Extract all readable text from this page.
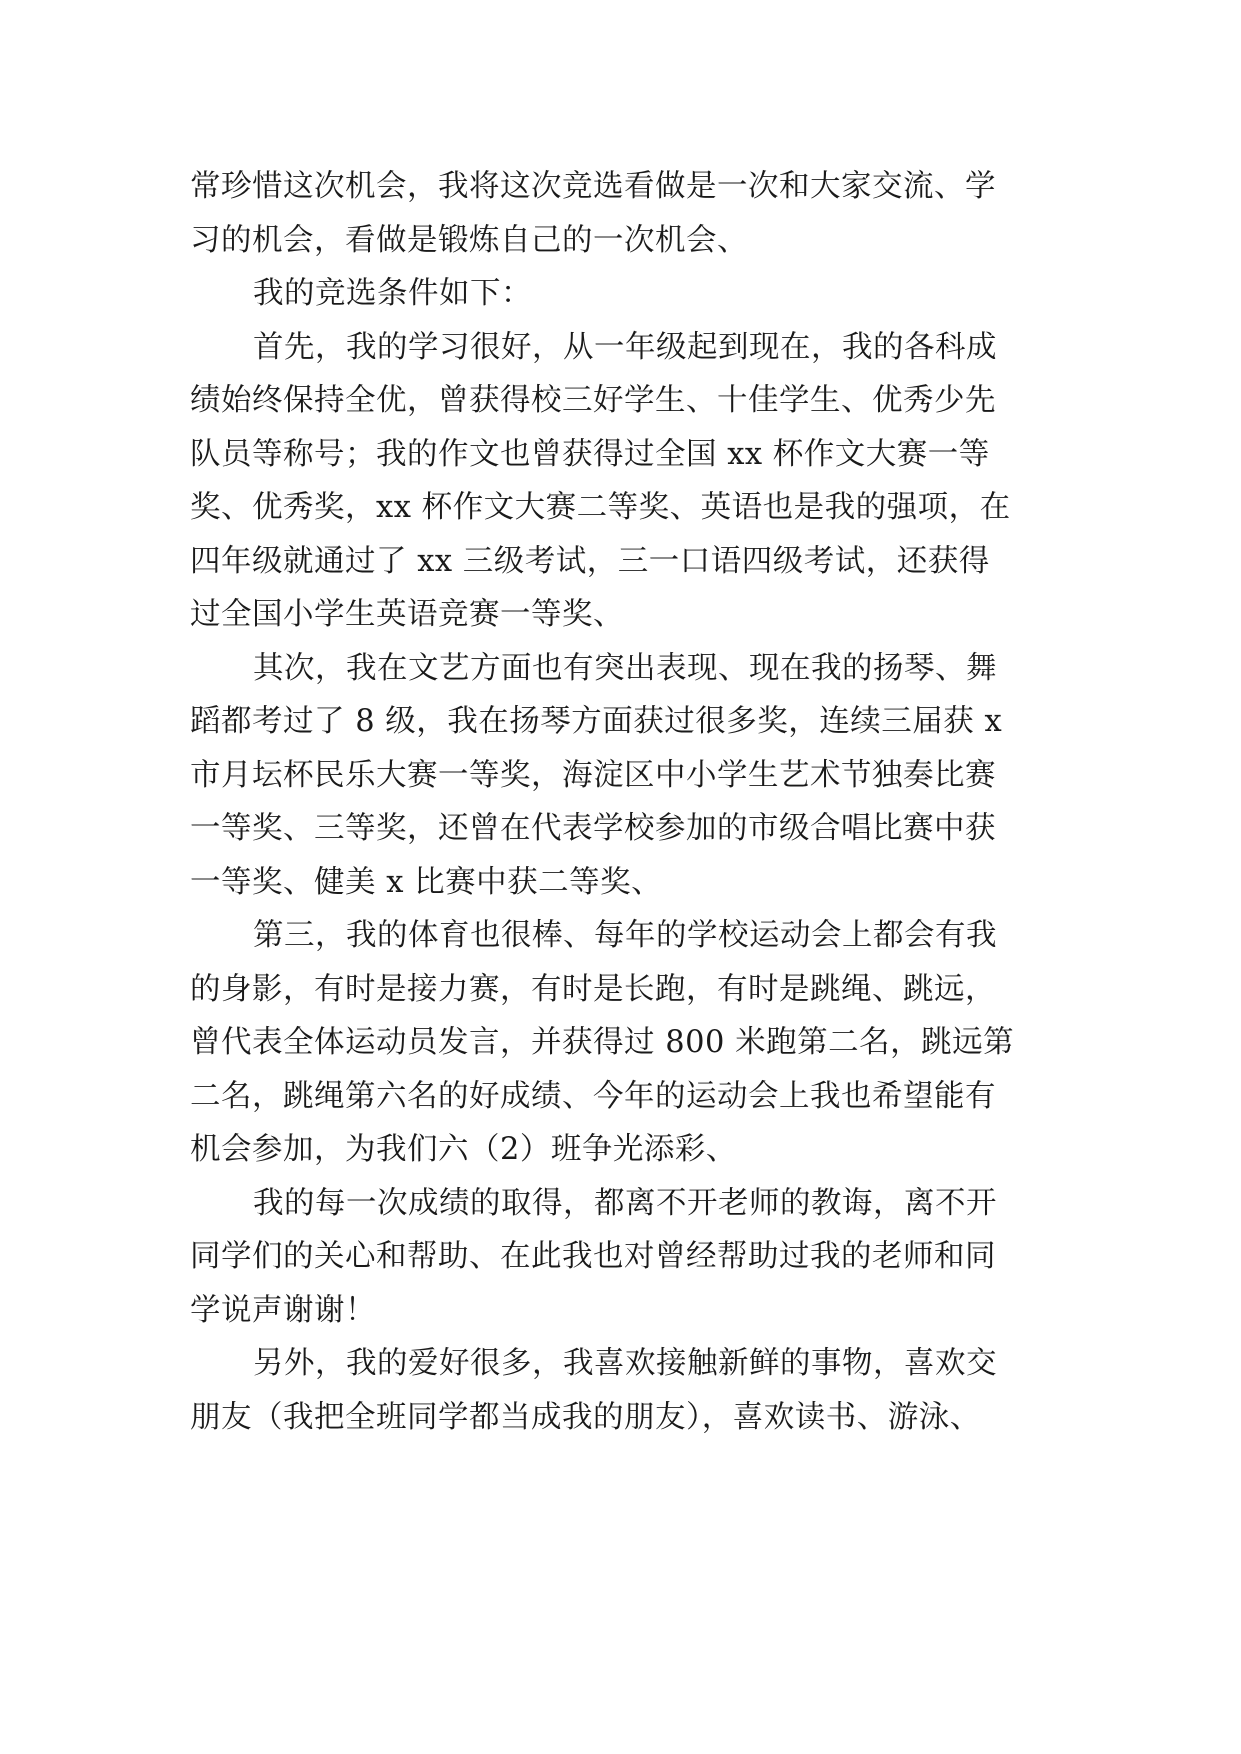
常珍惜这次机会，我将这次竞选看做是一次和大家交流、学
习的机会，看做是锻炼自己的一次机会、
我的竞选条件如下：
首先，我的学习很好，从一年级起到现在，我的各科成
绩始终保持全优，曾获得校三好学生、十佳学生、优秀少先
队员等称号；我的作文也曾获得过全国 xx 杯作文大赛一等
奖、优秀奖，xx 杯作文大赛二等奖、英语也是我的强项，在
四年级就通过了 xx 三级考试，三一口语四级考试，还获得
过全国小学生英语竞赛一等奖、
其次，我在文艺方面也有突出表现、现在我的扬琴、舞
蹈都考过了 8 级，我在扬琴方面获过很多奖，连续三届获 x
市月坛杯民乐大赛一等奖，海淀区中小学生艺术节独奏比赛
一等奖、三等奖，还曾在代表学校参加的市级合唱比赛中获
一等奖、健美 x 比赛中获二等奖、
第三，我的体育也很棒、每年的学校运动会上都会有我
的身影，有时是接力赛，有时是长跑，有时是跳绳、跳远，
曾代表全体运动员发言，并获得过 800 米跑第二名，跳远第
二名，跳绳第六名的好成绩、今年的运动会上我也希望能有
机会参加，为我们六（2）班争光添彩、
我的每一次成绩的取得，都离不开老师的教诲，离不开
同学们的关心和帮助、在此我也对曾经帮助过我的老师和同
学说声谢谢！
另外，我的爱好很多，我喜欢接触新鲜的事物，喜欢交
朋友（我把全班同学都当成我的朋友），喜欢读书、游泳、
